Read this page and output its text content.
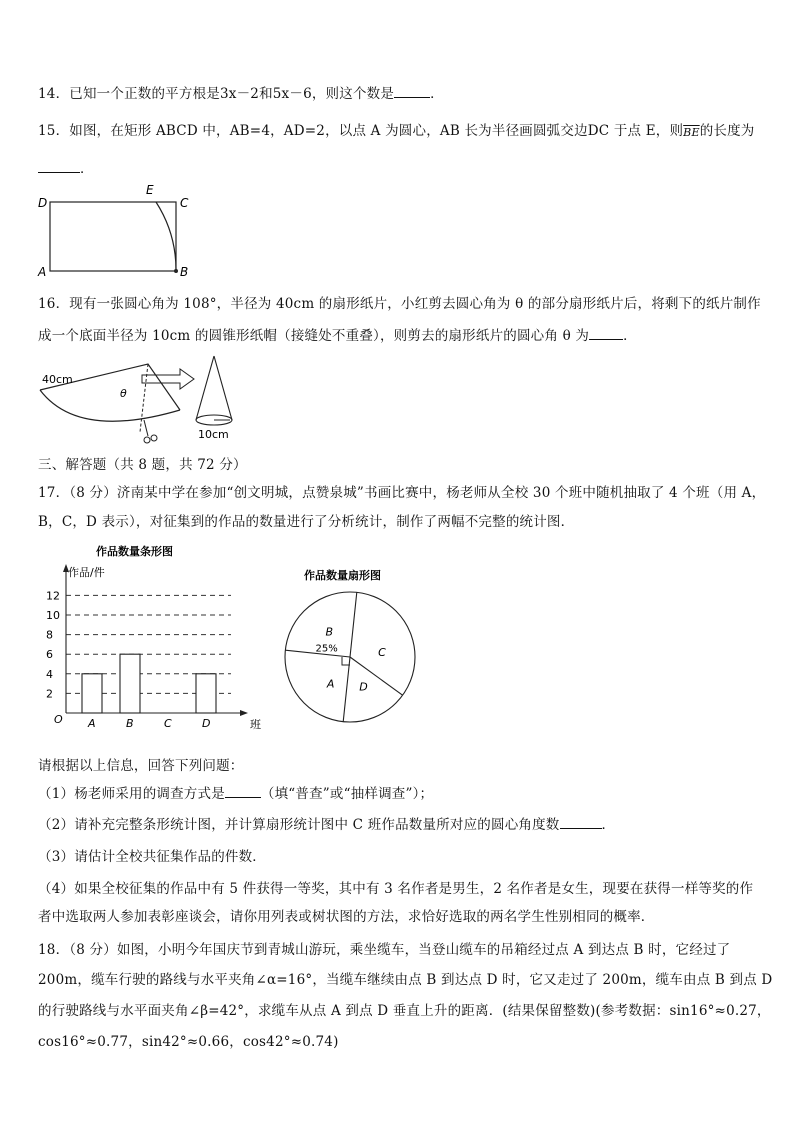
14．已知一个正数的平方根是3x－2和5x－6，则这个数是	．
15．如图，在矩形 ABCD 中，AB=4，AD=2，以点 A 为圆心，AB 长为半径画圆弧交边DC 于点 E，则$\overline{BE}$的长度为
．
D
E
C
A	B
16．现有一张圆心角为 108°，半径为 40cm 的扇形纸片，小红剪去圆心角为 θ 的部分扇形纸片后，将剩下的纸片制作
成一个底面半径为 10cm 的圆锥形纸帽（接缝处不重叠），则剪去的扇形纸片的圆心角 θ 为	．
40cm
θ
10cm
三、解答题（共 8 题，共 72 分）
17．（8 分）济南某中学在参加“创文明城，点赞泉城”书画比赛中，杨老师从全校 30 个班中随机抽取了 4 个班（用 A，
B，C，D 表示），对征集到的作品的数量进行了分析统计，制作了两幅不完整的统计图．
作品数量条形图
作品/件
O	班
2
4
6
8
10
12
A	B	C	D
作品数量扇形图
A
B
25%	C
D
请根据以上信息，回答下列问题：
（1）杨老师采用的调查方式是	（填“普查”或“抽样调查”）；
（2）请补充完整条形统计图，并计算扇形统计图中 C 班作品数量所对应的圆心角度数	．
（3）请估计全校共征集作品的件数．
（4）如果全校征集的作品中有 5 件获得一等奖，其中有 3 名作者是男生，2 名作者是女生，现要在获得一样等奖的作
者中选取两人参加表彰座谈会，请你用列表或树状图的方法，求恰好选取的两名学生性别相同的概率．
18．（8 分）如图，小明今年国庆节到青城山游玩，乘坐缆车，当登山缆车的吊箱经过点 A 到达点 B 时，它经过了
200m，缆车行驶的路线与水平夹角∠α=16°，当缆车继续由点 B 到达点 D 时，它又走过了 200m，缆车由点 B 到点 D
的行驶路线与水平面夹角∠β=42°，求缆车从点 A 到点 D 垂直上升的距离．(结果保留整数)(参考数据：sin16°≈0.27，
cos16°≈0.77，sin42°≈0.66，cos42°≈0.74)
